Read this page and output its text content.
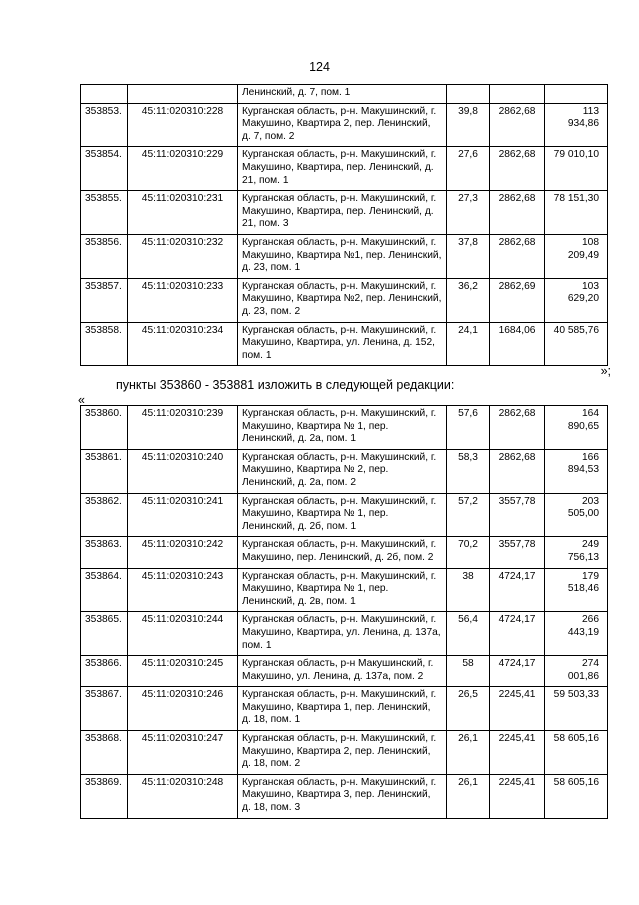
124
		Ленинский, д. 7, пом. 1			
353853.	45:11:020310:228	Курганская область, р-н. Макушинский, г. Макушино, Квартира 2, пер. Ленинский, д. 7, пом. 2	39,8	2862,68	113 934,86
353854.	45:11:020310:229	Курганская область, р-н. Макушинский, г. Макушино, Квартира, пер. Ленинский, д. 21, пом. 1	27,6	2862,68	79 010,10
353855.	45:11:020310:231	Курганская область, р-н. Макушинский, г. Макушино, Квартира, пер. Ленинский, д. 21, пом. 3	27,3	2862,68	78 151,30
353856.	45:11:020310:232	Курганская область, р-н. Макушинский, г. Макушино, Квартира №1, пер. Ленинский, д. 23, пом. 1	37,8	2862,68	108 209,49
353857.	45:11:020310:233	Курганская область, р-н. Макушинский, г. Макушино, Квартира №2, пер. Ленинский, д. 23, пом. 2	36,2	2862,69	103 629,20
353858.	45:11:020310:234	Курганская область, р-н. Макушинский, г. Макушино, Квартира, ул. Ленина, д. 152, пом. 1	24,1	1684,06	40 585,76
»;
пункты 353860 - 353881 изложить в следующей редакции:
«
353860.	45:11:020310:239	Курганская область, р-н. Макушинский, г. Макушино, Квартира № 1, пер. Ленинский, д. 2а, пом. 1	57,6	2862,68	164 890,65
353861.	45:11:020310:240	Курганская область, р-н. Макушинский, г. Макушино, Квартира № 2, пер. Ленинский, д. 2а, пом. 2	58,3	2862,68	166 894,53
353862.	45:11:020310:241	Курганская область, р-н. Макушинский, г. Макушино, Квартира № 1, пер. Ленинский, д. 2б, пом. 1	57,2	3557,78	203 505,00
353863.	45:11:020310:242	Курганская область, р-н. Макушинский, г. Макушино, пер. Ленинский, д. 2б, пом. 2	70,2	3557,78	249 756,13
353864.	45:11:020310:243	Курганская область, р-н. Макушинский, г. Макушино, Квартира № 1, пер. Ленинский, д. 2в, пом. 1	38	4724,17	179 518,46
353865.	45:11:020310:244	Курганская область, р-н. Макушинский, г. Макушино, Квартира, ул. Ленина, д. 137а, пом. 1	56,4	4724,17	266 443,19
353866.	45:11:020310:245	Курганская область, р-н Макушинский, г. Макушино, ул. Ленина, д. 137а, пом. 2	58	4724,17	274 001,86
353867.	45:11:020310:246	Курганская область, р-н. Макушинский, г. Макушино, Квартира 1, пер. Ленинский, д. 18, пом. 1	26,5	2245,41	59 503,33
353868.	45:11:020310:247	Курганская область, р-н. Макушинский, г. Макушино, Квартира 2, пер. Ленинский, д. 18, пом. 2	26,1	2245,41	58 605,16
353869.	45:11:020310:248	Курганская область, р-н. Макушинский, г. Макушино, Квартира 3, пер. Ленинский, д. 18, пом. 3	26,1	2245,41	58 605,16
